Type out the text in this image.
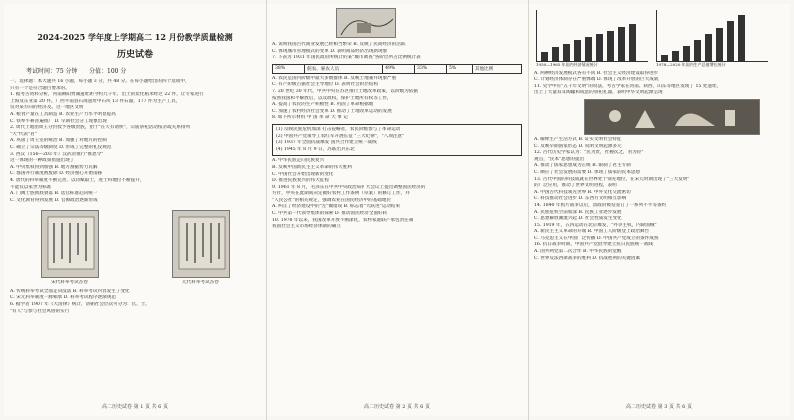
2024-2025 学年度上学期高二 12 月份教学质量检测
历史试卷
考试时间：75 分钟 分值：100 分
一、选择题：本大题共 16 小题，每小题 3 分，共 48 分。在每小题给出的四个选项中，
只有一个是符合题目要求的。
1. 据考古资料分析，河南舞阳贾湖遗址距今约九千年，出土的炭化稻米经过 22 件，让专家进行
上海及东亚第 20 件。广西平南县石岗遗址中石块 13 件石器，177 件为生产工具，
仅对某方向的经济及。这一地区文明
A. 粮食产量在工具制造 B. 农业生产力水平明显提高
C. 铁犁牛耕普遍推广 D. 早期社会分工现象出现
2. 周代土地由周王分封授予各级贵族，由于"在天有诸侯"，宗庙祭祀活动按亲疏关系排列
"大"代表"君"
A. 巩固了周王室的统治 B. 加强了对地方的控制
C. 确立了宗法等级制度 D. 形成了完整的礼仪规范
3. 西汉（156—203 年）汉武帝推行"推恩令"
这一体现的一种政策措施出现了
A. 中央集权得到加强 B. 地方割据势力瓦解
C. 郡国并行制度被废除 D. 经济重心开始南移
4. 唐代的科举制度不断完善，以诗赋取士，进士科地位不断提升，
不能仅以家世为标准
A. 门阀士族彻底衰落 B. 选官标准趋向统一
C. 文化教育得到发展 D. 官僚政治逐渐形成
宋代科举考试答卷	元代科举考试答卷
A. 传统科举考试全面走向没落 B. 科举考试内容发生了变化
C. 宋元科举制度一脉相承 D. 科举考试程序逐渐规范
6. 据学者 1907 年《大清律》统计，清朝社会层次可分为：官、士、
"有人"与参与社会风俗的实行
高二历史试卷 第 1 页 共 6 页
A. 说明我国古代商业发展已经相当繁荣 B. 反映了民间经济的活跃
C. 体现城市管理模式的变革 D. 表明商品经济出现新现象
7. 下表为 1931 年国民政府所统计的某"城市调查"各阶层所占比例统计表
38%	佃农、雇农人员	49%	33%	5%	其他比例
A. 农民是国内阶级中最大多数群体 B. 反映土地兼并现象严重
C. 有产阶级占据社会主导地位 D. 表明社会阶层结构
7. 20 世纪 30 年代，中共中央在苏区推行土地改革政策，以阶级为依据
按照我国和平解放后，以及政权，保护土地所有权等工作，
A. 提高了农民的生产积极性 B. 巩固了革命根据地
C. 加速了农村经济社会变革 D. 推动了土地改革运动的发展
8. 如下所示材料 中 国 革 命 大 事 记
(1) 反映民族危机加深 打击侵略者，农民阶级参与了革命运动
(2) 中国共产党领导工农红军开展长征 "三大纪律"，"八项注意"
(3) 1937 年全面抗战爆发 国共合作建立统一战线
(4) 1945 年 8 月 9 日，苏联出兵东北
A. 中华民族走向民族复兴
B. 反映中国新民主主义革命的伟大胜利
C. 中国社会开始出现新的变化
D. 推进民族复兴的伟大征程
9. 1961 年 8 月，毛泽东在中共中央政治局扩大会议上提出调整国民经济的
方针，中央在此期间决定做好农村工作条例（草案）的修订工作，并
"人民公社"的相关规定，强调农业在国民经济中的基础地位
A. 纠正了经济建设中的"左"倾错误 B. 标志着"大跃进"运动结束
C. 中共第一代领导集体的探索 D. 推动国民经济全面好转
10. 1978 年以来，我国改革开放不断深化，农村家庭联产承包责任制
我国社会主义市场经济体制的确立
高二历史试卷 第 2 页 共 6 页
1950—1965 年国内经济情况统计	1978—2020 年国内生产总值增长统计
A. 两种经济发展模式各有不同 B. 社会主义经济建设取得进步
C. 计划经济体制存在严重弊端 D. 体现了改革开放的巨大成就
11. 史学中有"五千年文明"的说法，考古学家在河南、陕西、山东等地区发现了 15 处遗址，
出土了大量双耳陶罐和成套的祭祀礼器，表明中华文明起源呈现
A. 解释生产生活方式 B. 证实文明社会特征
C. 反映早期国家形态 D. 说明文明起源多元
12. 古代历史学家认为："民为贵，社稷次之，君为轻"
观点，"民本"思想的提出
A. 推动了儒家思想成为正统 B. 限制了君主专制
C. 顺应了社会发展的需要 D. 体现了儒家的民本思想
13. 古代中国的科技成就在世界处于领先地位，在宋元时期出现了"三大发明"
的广泛应用，推动了世界文明进程，表明
A. 中国古代科技领先世界 B. 中外文化交流密切
C. 科技推动社会进步 D. 东西方文明相互影响
14. 1840 年鸦片战争以后，清政府被迫签订了一系列不平等条约
A. 民族危机空前加深 B. 民族工业逐步发展
C. 思想解放潮流兴起 D. 社会性质发生变化
15. 1919 年，五四运动在北京爆发，"外争主权，内除国贼"
A. 新民主主义革命的开端 B. 中国工人阶级登上政治舞台
C. 马克思主义在中国广泛传播 D. 中国共产党成立的条件成熟
16. 抗日战争时期，中国共产党倡导建立抗日民族统一战线
A. 国共两党第二次合作 B. 中华民族的觉醒
C. 世界反法西斯战争的胜利 D. 抗战胜利的关键因素
高二历史试卷 第 3 页 共 6 页
